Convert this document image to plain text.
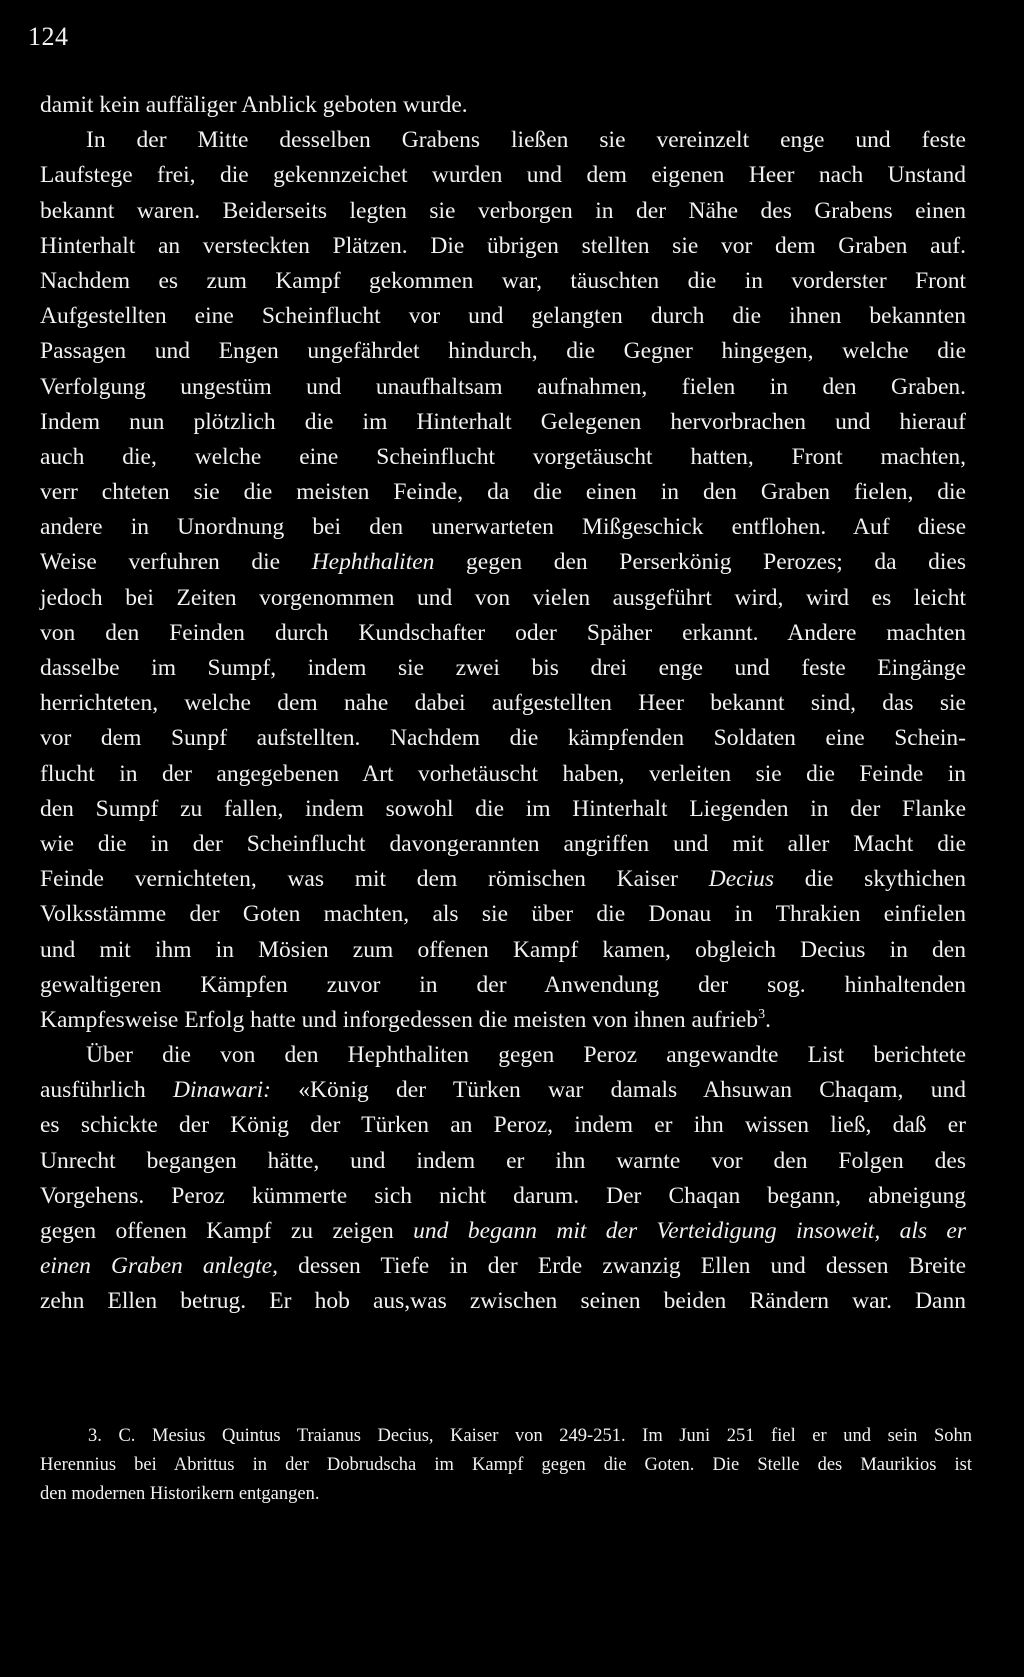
124
damit kein auffäliger Anblick geboten wurde.
In der Mitte desselben Grabens ließen sie vereinzelt enge und feste
Laufstege frei, die gekennzeichet wurden und dem eigenen Heer nach Unstand
bekannt waren. Beiderseits legten sie verborgen in der Nähe des Grabens einen
Hinterhalt an versteckten Plätzen. Die übrigen stellten sie vor dem Graben auf.
Nachdem es zum Kampf gekommen war, täuschten die in vorderster Front
Aufgestellten eine Scheinflucht vor und gelangten durch die ihnen bekannten
Passagen und Engen ungefährdet hindurch, die Gegner hingegen, welche die
Verfolgung ungestüm und unaufhaltsam aufnahmen, fielen in den Graben.
Indem nun plötzlich die im Hinterhalt Gelegenen hervorbrachen und hierauf
auch die, welche eine Scheinflucht vorgetäuscht hatten, Front machten,
verr chteten sie die meisten Feinde, da die einen in den Graben fielen, die
andere in Unordnung bei den unerwarteten Mißgeschick entflohen. Auf diese
Weise verfuhren die Hephthaliten gegen den Perserkönig Perozes; da dies
jedoch bei Zeiten vorgenommen und von vielen ausgeführt wird, wird es leicht
von den Feinden durch Kundschafter oder Späher erkannt. Andere machten
dasselbe im Sumpf, indem sie zwei bis drei enge und feste Eingänge
herrichteten, welche dem nahe dabei aufgestellten Heer bekannt sind, das sie
vor dem Sunpf aufstellten. Nachdem die kämpfenden Soldaten eine Schein-
flucht in der angegebenen Art vorhetäuscht haben, verleiten sie die Feinde in
den Sumpf zu fallen, indem sowohl die im Hinterhalt Liegenden in der Flanke
wie die in der Scheinflucht davongerannten angriffen und mit aller Macht die
Feinde vernichteten, was mit dem römischen Kaiser Decius die skythichen
Volksstämme der Goten machten, als sie über die Donau in Thrakien einfielen
und mit ihm in Mösien zum offenen Kampf kamen, obgleich Decius in den
gewaltigeren Kämpfen zuvor in der Anwendung der sog. hinhaltenden
Kampfesweise Erfolg hatte und inforgedessen die meisten von ihnen aufrieb$^3$.
Über die von den Hephthaliten gegen Peroz angewandte List berichtete
ausführlich Dinawari: «König der Türken war damals Ahsuwan Chaqam, und
es schickte der König der Türken an Peroz, indem er ihn wissen ließ, daß er
Unrecht begangen hätte, und indem er ihn warnte vor den Folgen des
Vorgehens. Peroz kümmerte sich nicht darum. Der Chaqan begann, abneigung
gegen offenen Kampf zu zeigen und begann mit der Verteidigung insoweit, als er
einen Graben anlegte, dessen Tiefe in der Erde zwanzig Ellen und dessen Breite
zehn Ellen betrug. Er hob aus,was zwischen seinen beiden Rändern war. Dann
3. C. Mesius Quintus Traianus Decius, Kaiser von 249-251. Im Juni 251 fiel er und sein Sohn
Herennius bei Abrittus in der Dobrudscha im Kampf gegen die Goten. Die Stelle des Maurikios ist
den modernen Historikern entgangen.
